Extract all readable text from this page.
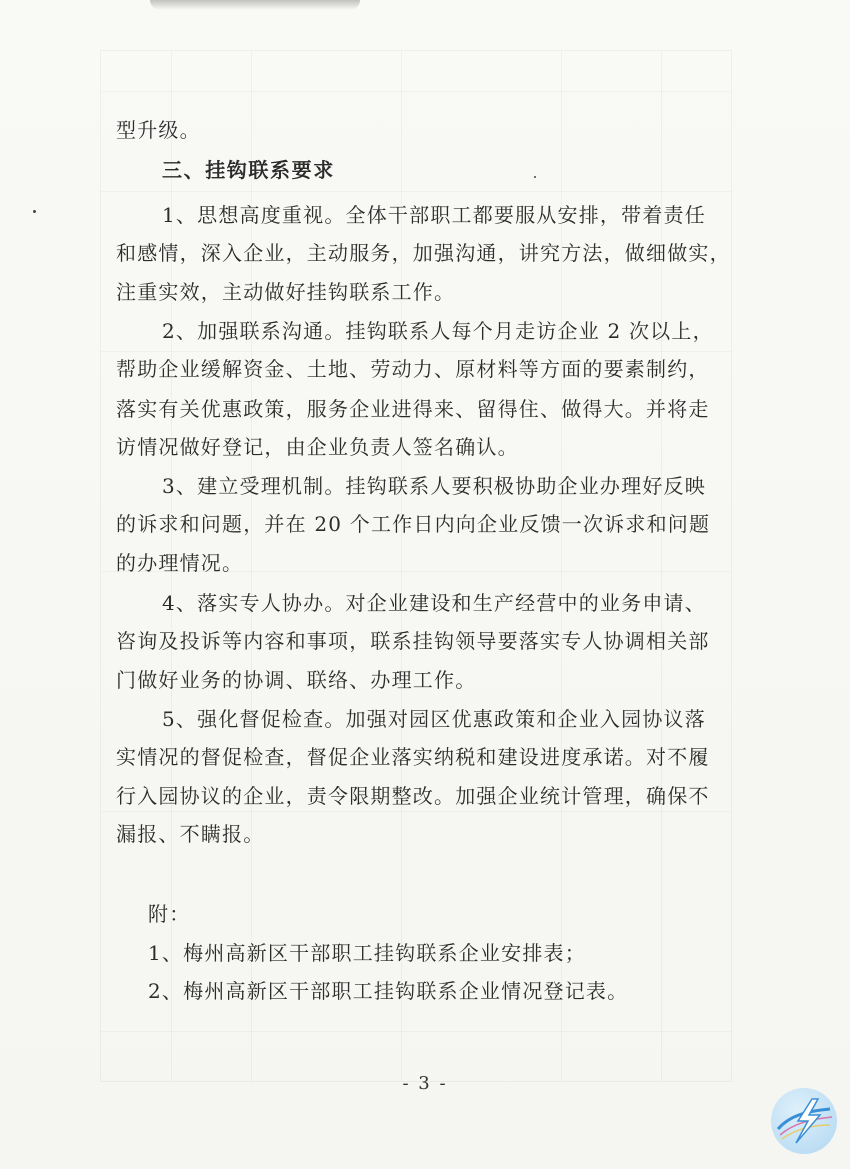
型升级。
三、挂钩联系要求
1、思想高度重视。全体干部职工都要服从安排，带着责任
和感情，深入企业，主动服务，加强沟通，讲究方法，做细做实，
注重实效，主动做好挂钩联系工作。
2、加强联系沟通。挂钩联系人每个月走访企业 2 次以上，
帮助企业缓解资金、土地、劳动力、原材料等方面的要素制约，
落实有关优惠政策，服务企业进得来、留得住、做得大。并将走
访情况做好登记，由企业负责人签名确认。
3、建立受理机制。挂钩联系人要积极协助企业办理好反映
的诉求和问题，并在 20 个工作日内向企业反馈一次诉求和问题
的办理情况。
4、落实专人协办。对企业建设和生产经营中的业务申请、
咨询及投诉等内容和事项，联系挂钩领导要落实专人协调相关部
门做好业务的协调、联络、办理工作。
5、强化督促检查。加强对园区优惠政策和企业入园协议落
实情况的督促检查，督促企业落实纳税和建设进度承诺。对不履
行入园协议的企业，责令限期整改。加强企业统计管理，确保不
漏报、不瞒报。
附：
1、梅州高新区干部职工挂钩联系企业安排表；
2、梅州高新区干部职工挂钩联系企业情况登记表。
- 3 -
